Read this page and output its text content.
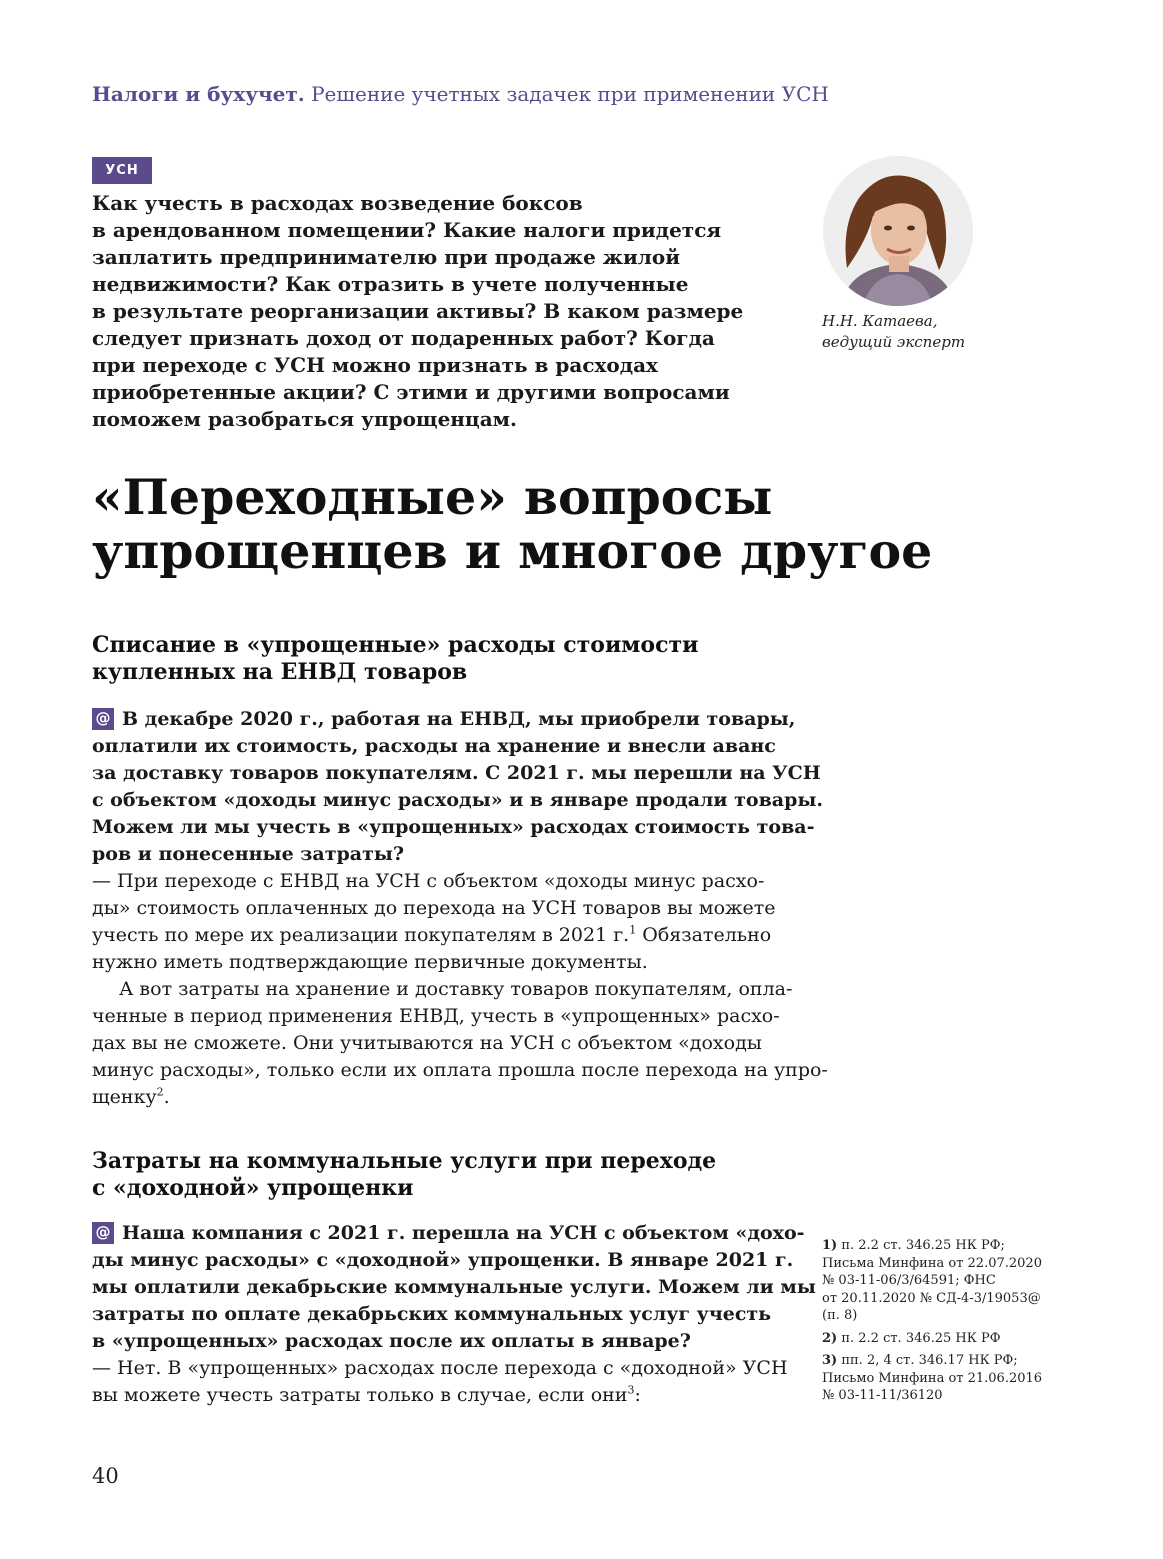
Налоги и бухучет. Решение учетных задачек при применении УСН
УСН
Как учесть в расходах возведение боксов
в арендованном помещении? Какие налоги придется
заплатить предпринимателю при продаже жилой
недвижимости? Как отразить в учете полученные
в результате реорганизации активы? В каком размере
следует признать доход от подаренных работ? Когда
при переходе с УСН можно признать в расходах
приобретенные акции? С этими и другими вопросами
поможем разобраться упрощенцам.
Н.Н. Катаева,
ведущий эксперт
«Переходные» вопросы
упрощенцев и многое другое
Списание в «упрощенные» расходы стоимости
купленных на ЕНВД товаров
@ В декабре 2020 г., работая на ЕНВД, мы приобрели товары,
оплатили их стоимость, расходы на хранение и внесли аванс
за доставку товаров покупателям. С 2021 г. мы перешли на УСН
с объектом «доходы минус расходы» и в январе продали товары.
Можем ли мы учесть в «упрощенных» расходах стоимость това-
ров и понесенные затраты?
— При переходе с ЕНВД на УСН с объектом «доходы минус расхо-
ды» стоимость оплаченных до перехода на УСН товаров вы можете
учесть по мере их реализации покупателям в 2021 г.$^1$ Обязательно
нужно иметь подтверждающие первичные документы.
А вот затраты на хранение и доставку товаров покупателям, опла-
ченные в период применения ЕНВД, учесть в «упрощенных» расхо-
дах вы не сможете. Они учитываются на УСН с объектом «доходы
минус расходы», только если их оплата прошла после перехода на упро-
щенку$^2$.
Затраты на коммунальные услуги при переходе
с «доходной» упрощенки
@ Наша компания с 2021 г. перешла на УСН с объектом «дохо-
ды минус расходы» с «доходной» упрощенки. В январе 2021 г.
мы оплатили декабрьские коммунальные услуги. Можем ли мы
затраты по оплате декабрьских коммунальных услуг учесть
в «упрощенных» расходах после их оплаты в январе?
— Нет. В «упрощенных» расходах после перехода с «доходной» УСН
вы можете учесть затраты только в случае, если они$^3$:
1) п. 2.2 ст. 346.25 НК РФ;
Письма Минфина от 22.07.2020
№ 03-11-06/3/64591; ФНС
от 20.11.2020 № СД-4-3/19053@
(п. 8)
2) п. 2.2 ст. 346.25 НК РФ
3) пп. 2, 4 ст. 346.17 НК РФ;
Письмо Минфина от 21.06.2016
№ 03-11-11/36120
40
